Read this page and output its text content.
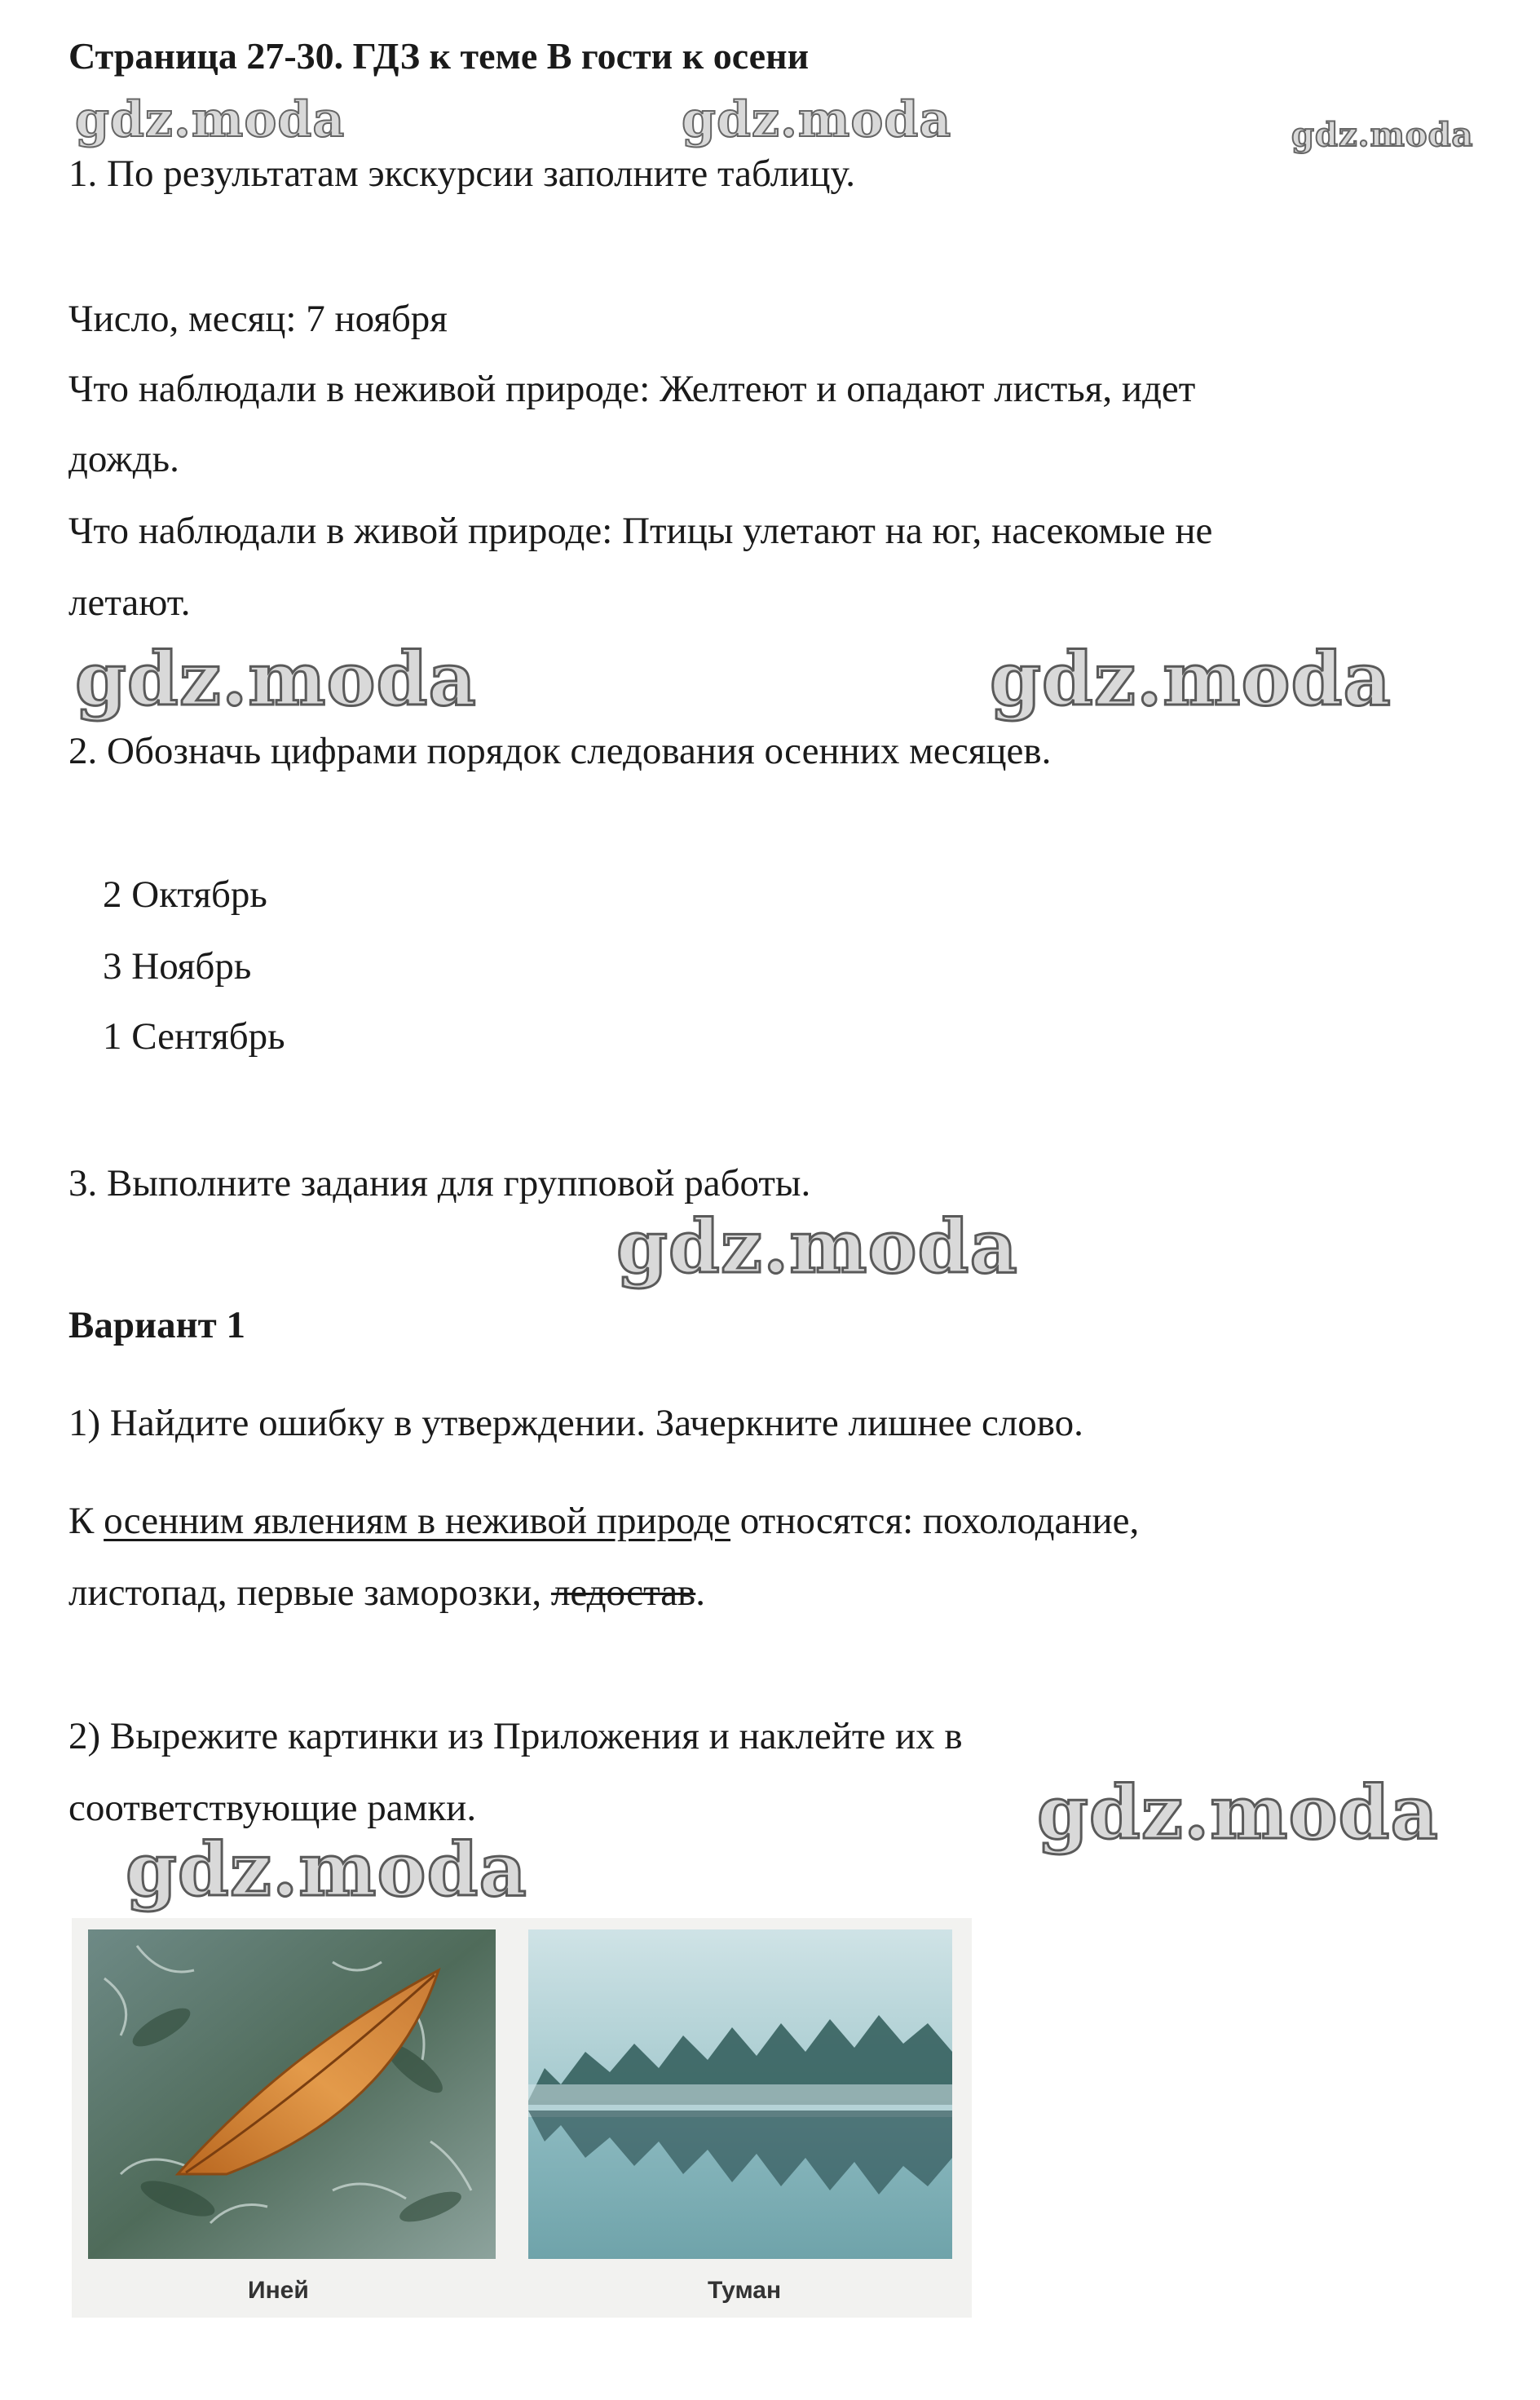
Страница 27-30. ГДЗ к теме В гости к осени
gdz.moda	gdz.moda	gdz.moda
gdz.moda	gdz.moda
gdz.moda
gdz.moda
gdz.moda
1. По результатам экскурсии заполните таблицу.
Число, месяц: 7 ноября
Что наблюдали в неживой природе: Желтеют и опадают листья, идет
дождь.
Что наблюдали в живой природе: Птицы улетают на юг, насекомые не
летают.
2. Обозначь цифрами порядок следования осенних месяцев.
2 Октябрь
3 Ноябрь
1 Сентябрь
3. Выполните задания для групповой работы.
Вариант 1
1) Найдите ошибку в утверждении. Зачеркните лишнее слово.
К осенним явлениям в неживой природе относятся: похолодание,
листопад, первые заморозки, ледостав.
2) Вырежите картинки из Приложения и наклейте их в
соответствующие рамки.
Иней	Туман
